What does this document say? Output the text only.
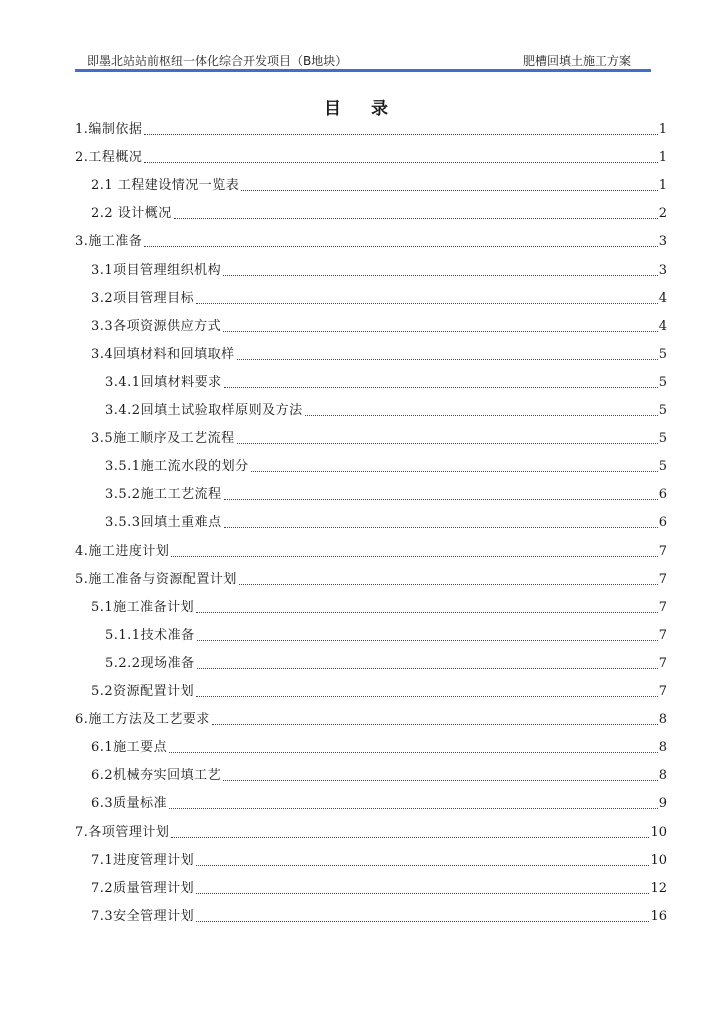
即墨北站站前枢纽一体化综合开发项目（B地块）	肥槽回填土施工方案
目 录
1.编制依据	1
2.工程概况	1
2.1 工程建设情况一览表	1
2.2 设计概况	2
3.施工准备	3
3.1项目管理组织机构	3
3.2项目管理目标	4
3.3各项资源供应方式	4
3.4回填材料和回填取样	5
3.4.1回填材料要求	5
3.4.2回填土试验取样原则及方法	5
3.5施工顺序及工艺流程	5
3.5.1施工流水段的划分	5
3.5.2施工工艺流程	6
3.5.3回填土重难点	6
4.施工进度计划	7
5.施工准备与资源配置计划	7
5.1施工准备计划	7
5.1.1技术准备	7
5.2.2现场准备	7
5.2资源配置计划	7
6.施工方法及工艺要求	8
6.1施工要点	8
6.2机械夯实回填工艺	8
6.3质量标准	9
7.各项管理计划	10
7.1进度管理计划	10
7.2质量管理计划	12
7.3安全管理计划	16
